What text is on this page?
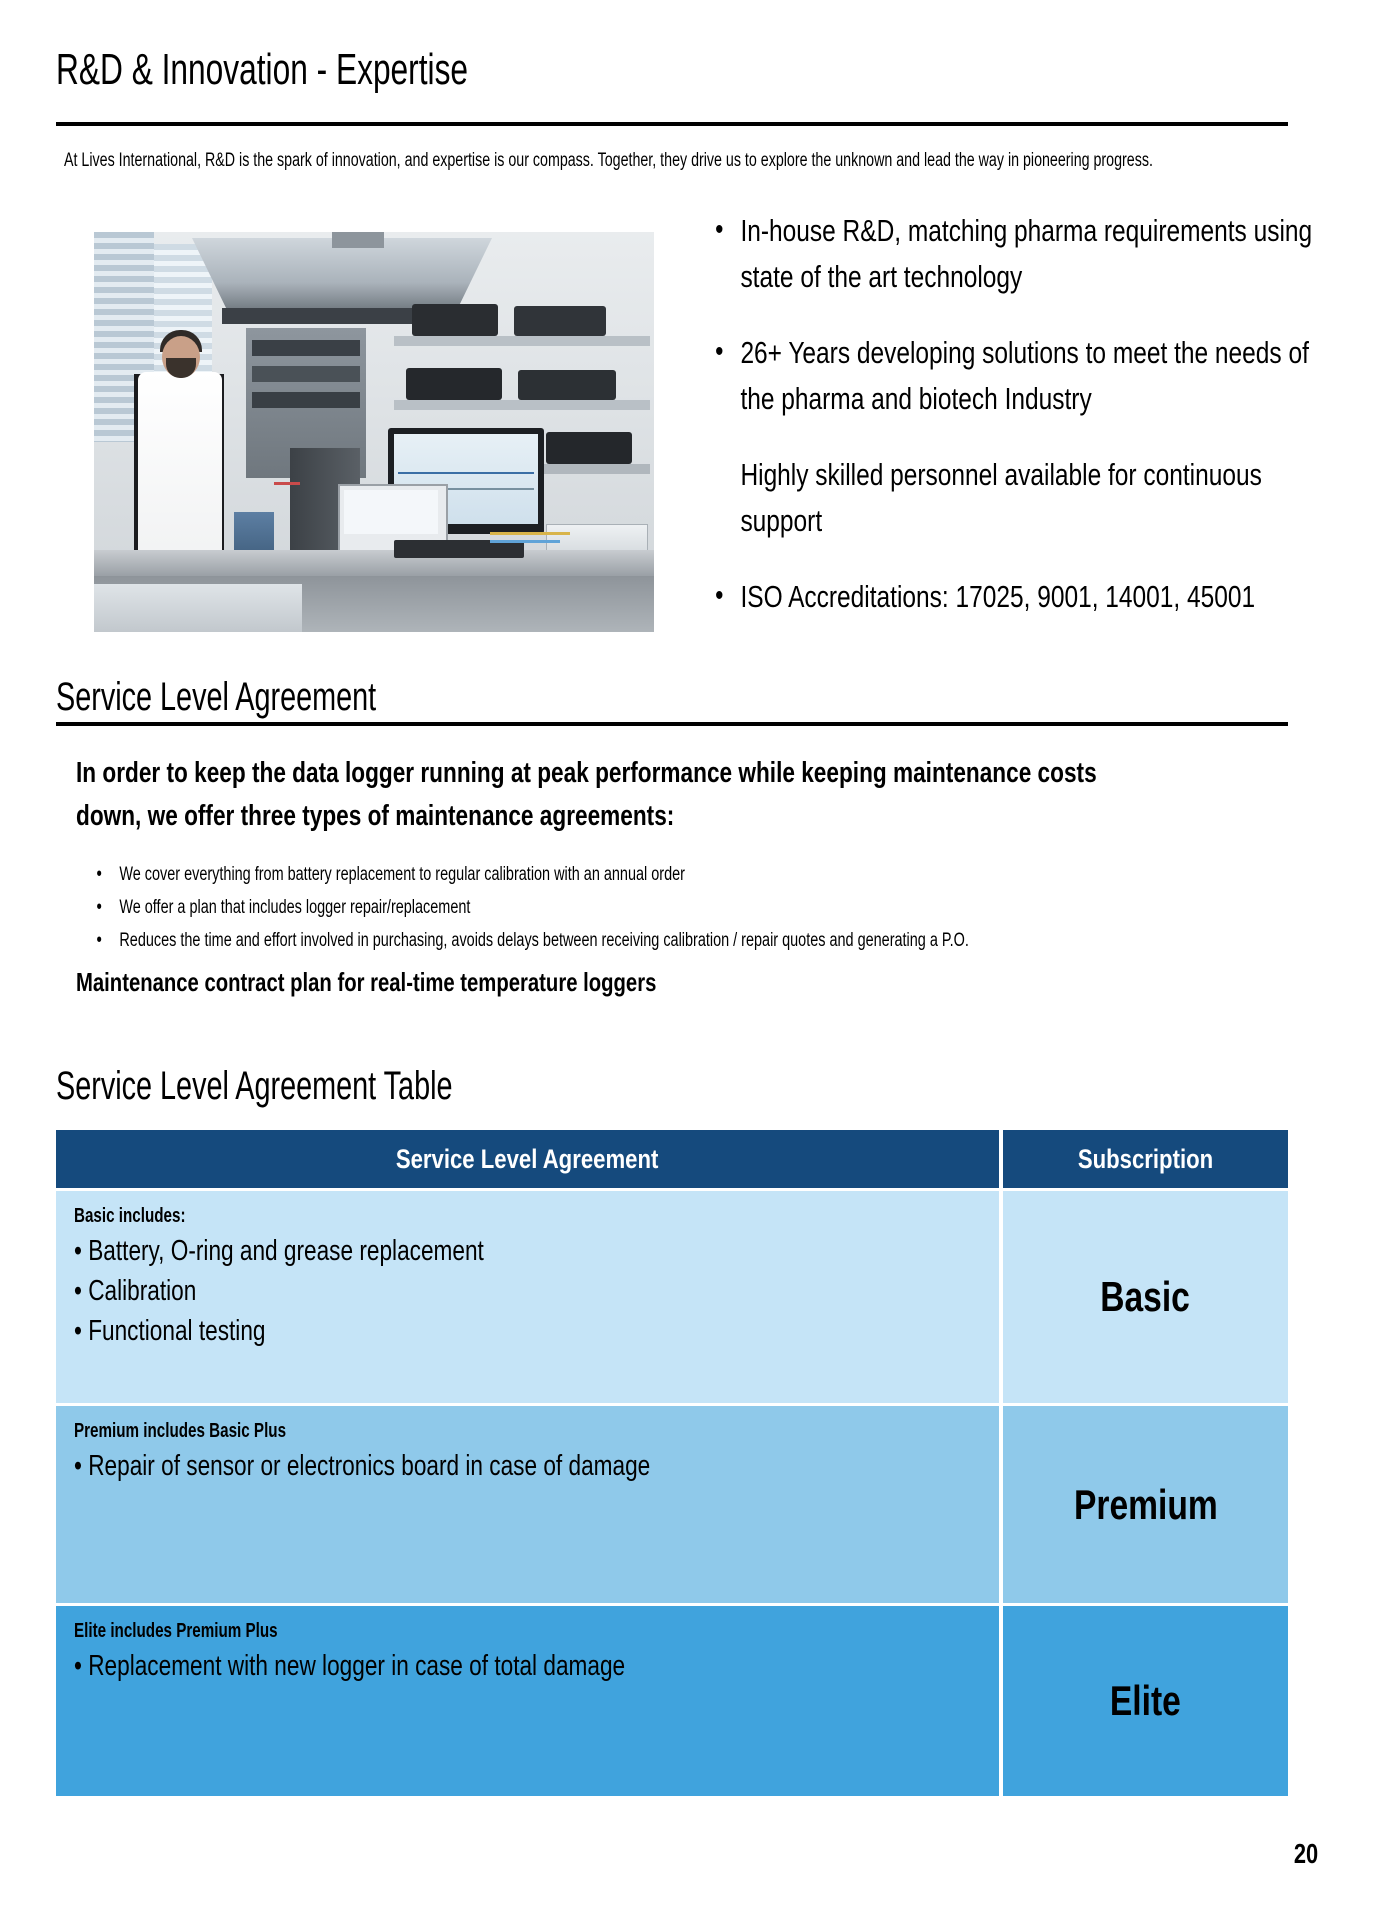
R&D & Innovation - Expertise
At Lives International, R&D is the spark of innovation, and expertise is our compass. Together, they drive us to explore the unknown and lead the way in pioneering progress.
• In-house R&D, matching pharma requirements using state of the art technology
• 26+ Years developing solutions to meet the needs of the pharma and biotech Industry
Highly skilled personnel available for continuous support
• ISO Accreditations: 17025, 9001, 14001, 45001
Service Level Agreement
In order to keep the data logger running at peak performance while keeping maintenance costs down, we offer three types of maintenance agreements:
• We cover everything from battery replacement to regular calibration with an annual order
• We offer a plan that includes logger repair/replacement
• Reduces the time and effort involved in purchasing, avoids delays between receiving calibration / repair quotes and generating a P.O.
Maintenance contract plan for real-time temperature loggers
Service Level Agreement Table
Service Level Agreement	Subscription
Basic includes:
• Battery, O-ring and grease replacement
• Calibration
• Functional testing
Basic
Premium includes Basic Plus
• Repair of sensor or electronics board in case of damage
Premium
Elite includes Premium Plus
• Replacement with new logger in case of total damage
Elite
20
